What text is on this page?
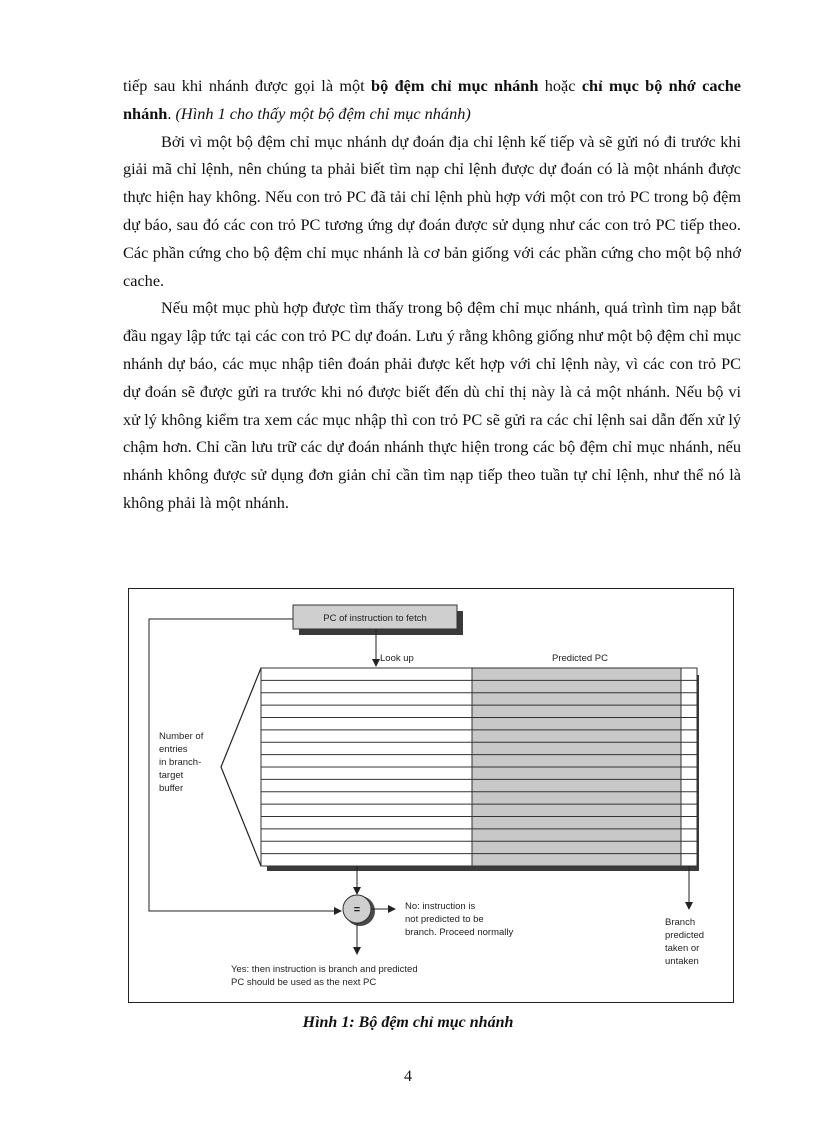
tiếp sau khi nhánh được gọi là một bộ đệm chỉ mục nhánh hoặc chỉ mục bộ nhớ cache nhánh. (Hình 1 cho thấy một bộ đệm chỉ mục nhánh)

Bởi vì một bộ đệm chỉ mục nhánh dự đoán địa chỉ lệnh kế tiếp và sẽ gửi nó đi trước khi giải mã chỉ lệnh, nên chúng ta phải biết tìm nạp chỉ lệnh được dự đoán có là một nhánh được thực hiện hay không. Nếu con trỏ PC đã tải chỉ lệnh phù hợp với một con trỏ PC trong bộ đệm dự báo, sau đó các con trỏ PC tương ứng dự đoán được sử dụng như các con trỏ PC tiếp theo. Các phần cứng cho bộ đệm chỉ mục nhánh là cơ bản giống với các phần cứng cho một bộ nhớ cache.

Nếu một mục phù hợp được tìm thấy trong bộ đệm chỉ mục nhánh, quá trình tìm nạp bắt đầu ngay lập tức tại các con trỏ PC dự đoán. Lưu ý rằng không giống như một bộ đệm chỉ mục nhánh dự báo, các mục nhập tiên đoán phải được kết hợp với chỉ lệnh này, vì các con trỏ PC dự đoán sẽ được gửi ra trước khi nó được biết đến dù chỉ thị này là cả một nhánh. Nếu bộ vi xử lý không kiểm tra xem các mục nhập thì con trỏ PC sẽ gửi ra các chỉ lệnh sai dẫn đến xử lý chậm hơn. Chỉ cần lưu trữ các dự đoán nhánh thực hiện trong các bộ đệm chỉ mục nhánh, nếu nhánh không được sử dụng đơn giản chỉ cần tìm nạp tiếp theo tuần tự chỉ lệnh, như thể nó là không phải là một nhánh.

PC of instruction to fetch
Look up	Predicted PC
Number of
entries
in branch-
target
buffer
=	No: instruction is
not predicted to be
branch. Proceed normally
Yes: then instruction is branch and predicted
PC should be used as the next PC
Branch
predicted
taken or
untaken
Hình 1: Bộ đệm chỉ mục nhánh
4
